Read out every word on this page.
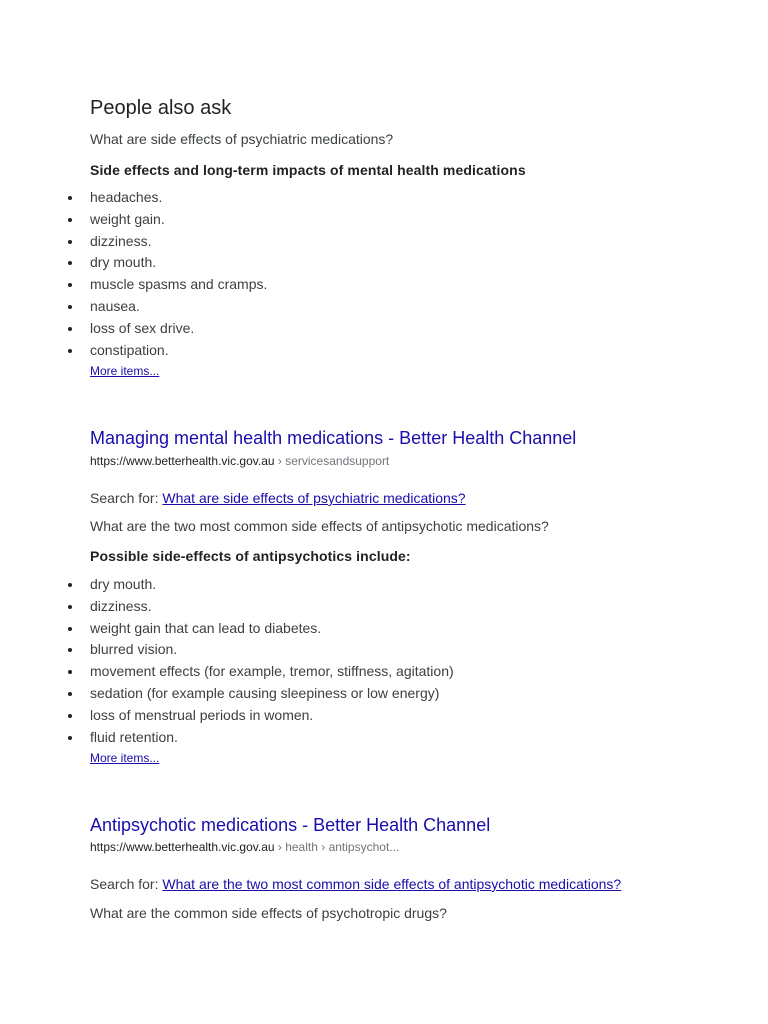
People also ask
What are side effects of psychiatric medications?
Side effects and long-term impacts of mental health medications
headaches.
weight gain.
dizziness.
dry mouth.
muscle spasms and cramps.
nausea.
loss of sex drive.
constipation.
More items...
Managing mental health medications - Better Health Channel
https://www.betterhealth.vic.gov.au › servicesandsupport
Search for: What are side effects of psychiatric medications?
What are the two most common side effects of antipsychotic medications?
Possible side-effects of antipsychotics include:
dry mouth.
dizziness.
weight gain that can lead to diabetes.
blurred vision.
movement effects (for example, tremor, stiffness, agitation)
sedation (for example causing sleepiness or low energy)
loss of menstrual periods in women.
fluid retention.
More items...
Antipsychotic medications - Better Health Channel
https://www.betterhealth.vic.gov.au › health › antipsychot...
Search for: What are the two most common side effects of antipsychotic medications?
What are the common side effects of psychotropic drugs?
